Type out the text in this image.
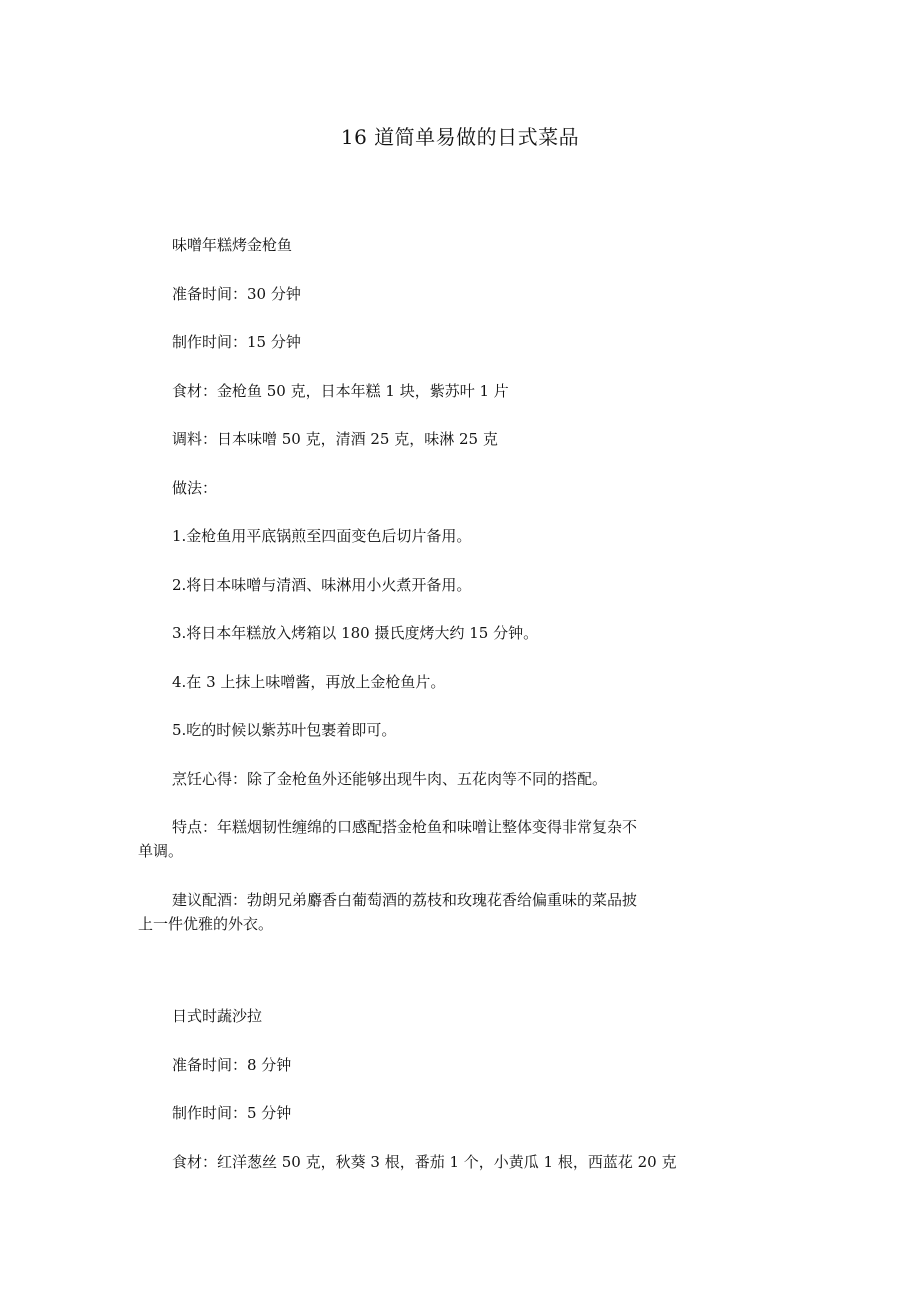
16 道简单易做的日式菜品

味噌年糕烤金枪鱼

准备时间：30 分钟

制作时间：15 分钟

食材：金枪鱼 50 克，日本年糕 1 块，紫苏叶 1 片

调料：日本味噌 50 克，清酒 25 克，味淋 25 克

做法：

1.金枪鱼用平底锅煎至四面变色后切片备用。

2.将日本味噌与清酒、味淋用小火煮开备用。

3.将日本年糕放入烤箱以 180 摄氏度烤大约 15 分钟。

4.在 3 上抹上味噌酱，再放上金枪鱼片。

5.吃的时候以紫苏叶包裹着即可。

烹饪心得：除了金枪鱼外还能够出现牛肉、五花肉等不同的搭配。

特点：年糕烟韧性缠绵的口感配搭金枪鱼和味噌让整体变得非常复杂不单调。

建议配酒：勃朗兄弟麝香白葡萄酒的荔枝和玫瑰花香给偏重味的菜品披上一件优雅的外衣。

日式时蔬沙拉

准备时间：8 分钟

制作时间：5 分钟

食材：红洋葱丝 50 克，秋葵 3 根，番茄 1 个，小黄瓜 1 根，西蓝花 20 克
